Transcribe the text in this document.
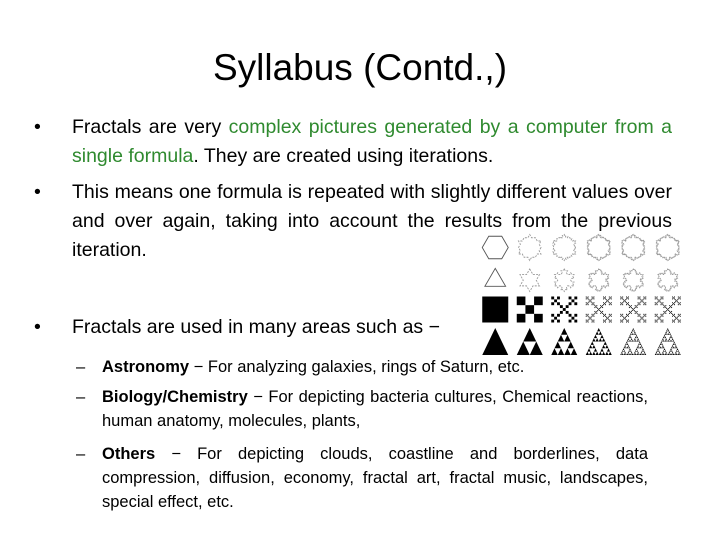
Syllabus (Contd.,)
• Fractals are very complex pictures generated by a computer from a single formula. They are created using iterations.
• This means one formula is repeated with slightly different values over and over again, taking into account the results from the previous iteration.
• Fractals are used in many areas such as −
– Astronomy − For analyzing galaxies, rings of Saturn, etc.
– Biology/Chemistry − For depicting bacteria cultures, Chemical reactions, human anatomy, molecules, plants,
– Others − For depicting clouds, coastline and borderlines, data compression, diffusion, economy, fractal art, fractal music, landscapes, special effect, etc.
